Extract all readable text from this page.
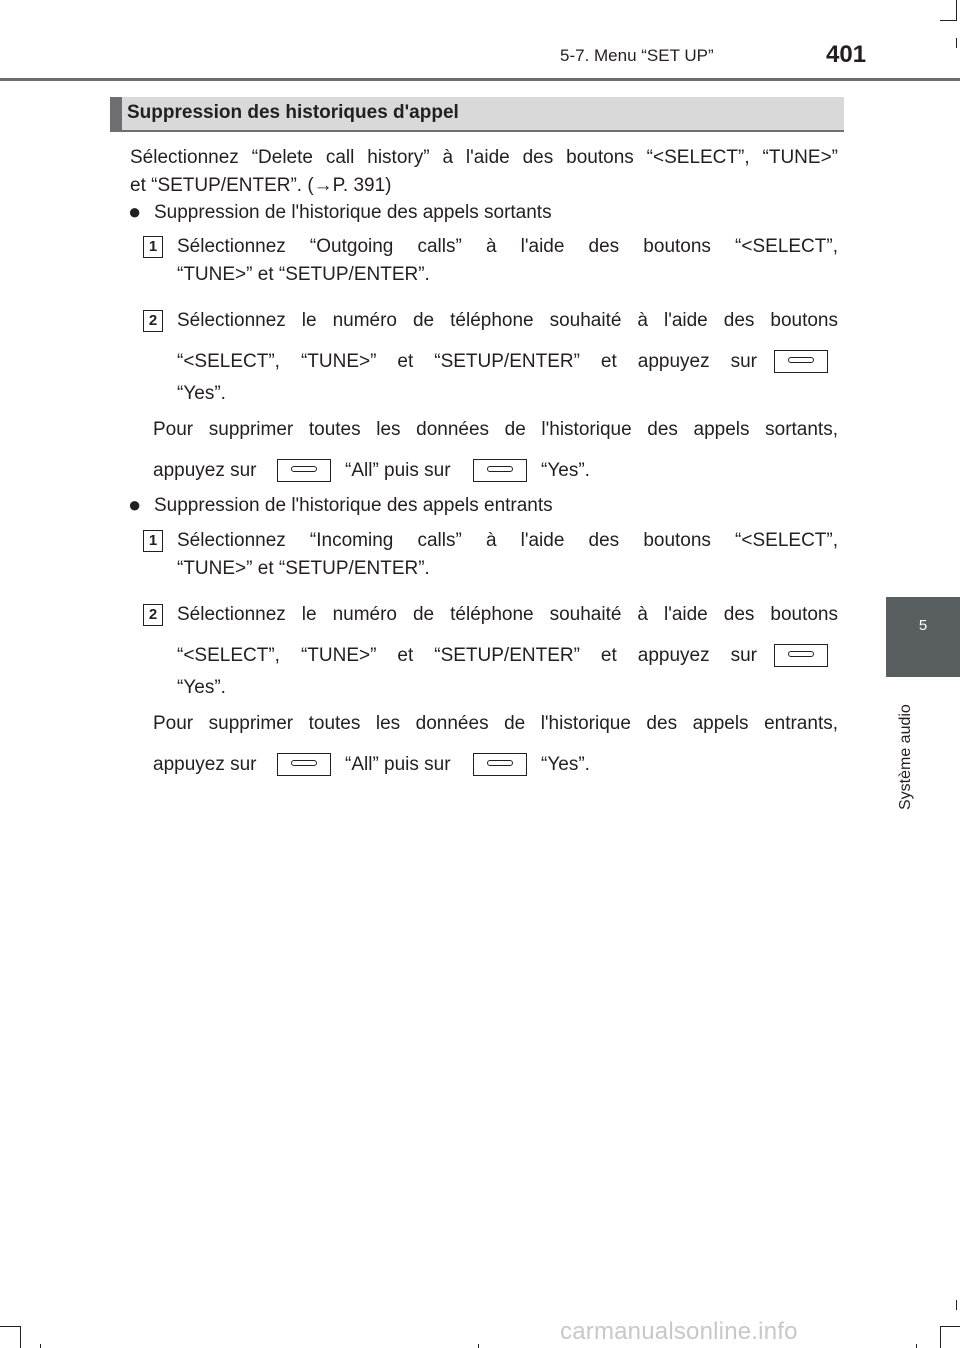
5-7. Menu “SET UP”	401
5
Système audio
Suppression des historiques d'appel
Sélectionnez “Delete call history” à l'aide des boutons “<SELECT”, “TUNE>”
et “SETUP/ENTER”. (→P. 391)
● Suppression de l'historique des appels sortants
1	Sélectionnez “Outgoing calls” à l'aide des boutons “<SELECT”,
“TUNE>” et “SETUP/ENTER”.
2	Sélectionnez le numéro de téléphone souhaité à l'aide des boutons
“<SELECT”, “TUNE>” et “SETUP/ENTER” et appuyez sur
“Yes”.
Pour supprimer toutes les données de l'historique des appels sortants,
appuyez sur	“All” puis sur	“Yes”.
● Suppression de l'historique des appels entrants
1	Sélectionnez “Incoming calls” à l'aide des boutons “<SELECT”,
“TUNE>” et “SETUP/ENTER”.
2	Sélectionnez le numéro de téléphone souhaité à l'aide des boutons
“<SELECT”, “TUNE>” et “SETUP/ENTER” et appuyez sur
“Yes”.
Pour supprimer toutes les données de l'historique des appels entrants,
appuyez sur	“All” puis sur	“Yes”.
carmanualsonline.info
